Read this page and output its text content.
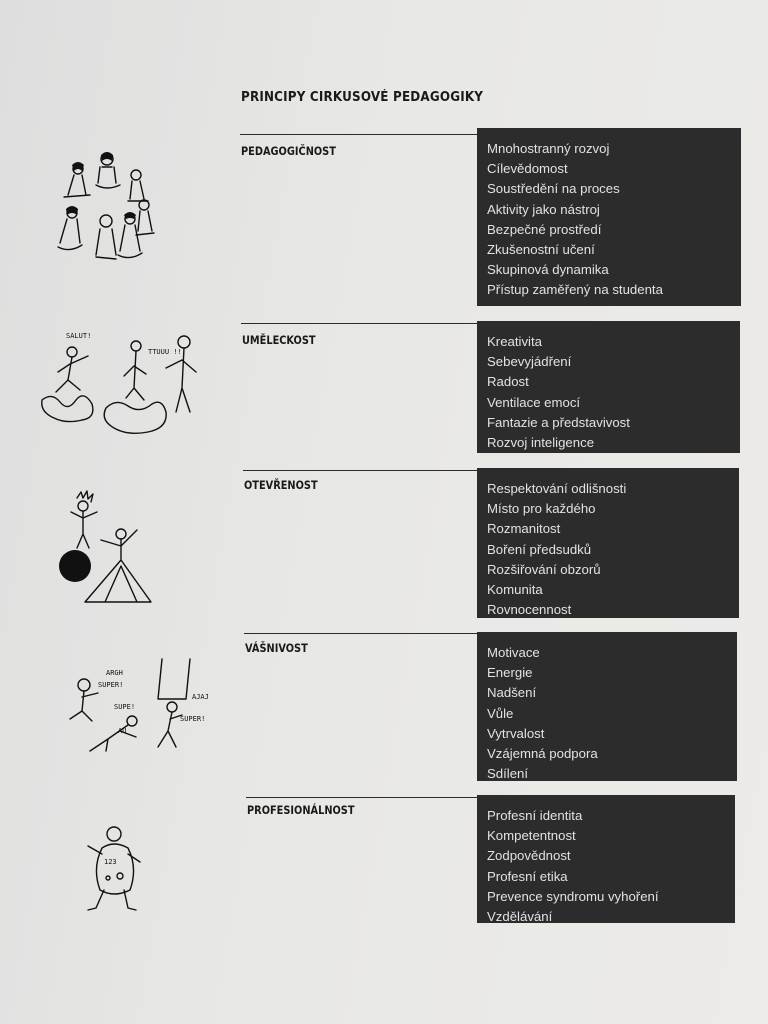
PRINCIPY CIRKUSOVÉ PEDAGOGIKY
PEDAGOGIČNOST	Mnohostranný rozvoj
Cílevědomost
Soustředění na proces
Aktivity jako nástroj
Bezpečné prostředí
Zkušenostní učení
Skupinová dynamika
Přístup zaměřený na studenta
UMĚLECKOST	Kreativita
Sebevyjádření
Radost
Ventilace emocí
Fantazie a představivost
Rozvoj inteligence
OTEVŘENOST	Respektování odlišnosti
Místo pro každého
Rozmanitost
Boření předsudků
Rozšiřování obzorů
Komunita
Rovnocennost
VÁŠNIVOST	Motivace
Energie
Nadšení
Vůle
Vytrvalost
Vzájemná podpora
Sdílení
PROFESIONÁLNOST	Profesní identita
Kompetentnost
Zodpovědnost
Profesní etika
Prevence syndromu vyhoření
Vzdělávání
SALUT!
TTUUU !!!
ARGH
SUPER!
SUPE!
AU
AJAJ
SUPER!
123
